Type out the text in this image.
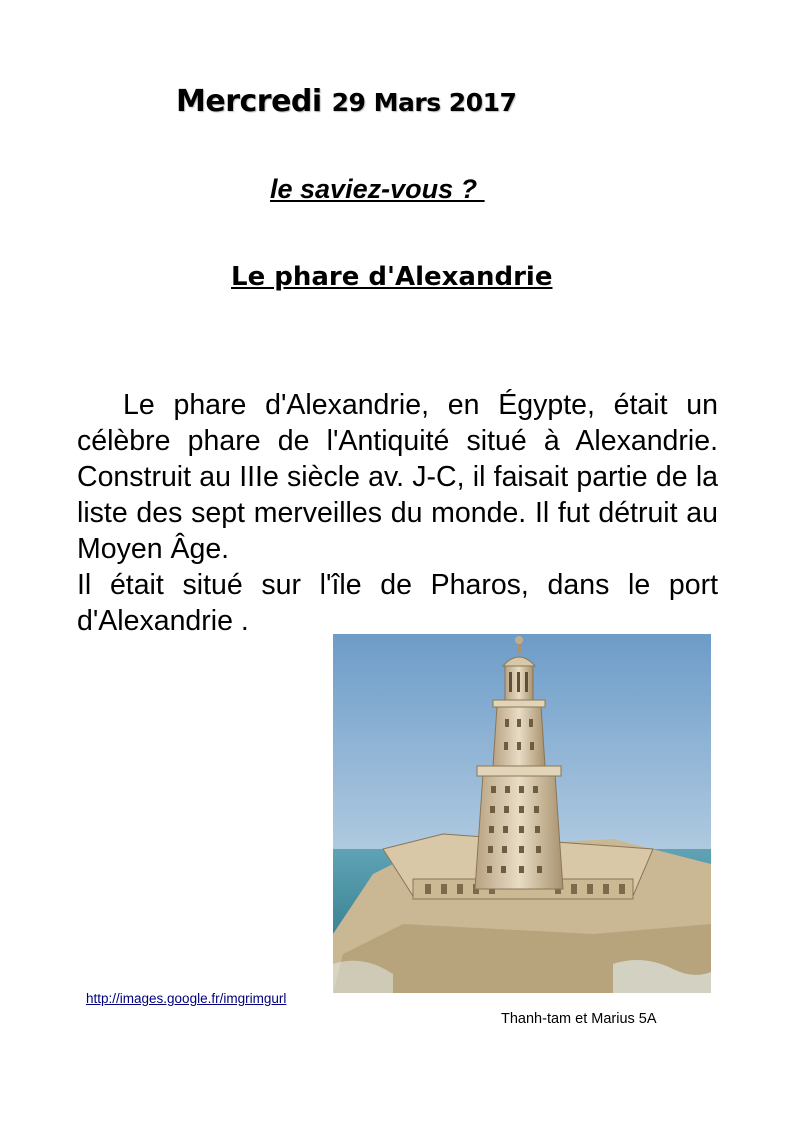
Mercredi 29 Mars 2017
le saviez-vous ?
Le phare d'Alexandrie

Le phare d'Alexandrie, en Égypte, était un célèbre phare de l'Antiquité situé à Alexandrie. Construit au IIIe siècle av. J-C, il faisait partie de la liste des sept merveilles du monde. Il fut détruit au Moyen Âge.

Il était situé sur l'île de Pharos, dans le port d'Alexandrie .

http://images.google.fr/imgrimgurl
Thanh-tam et Marius 5A
